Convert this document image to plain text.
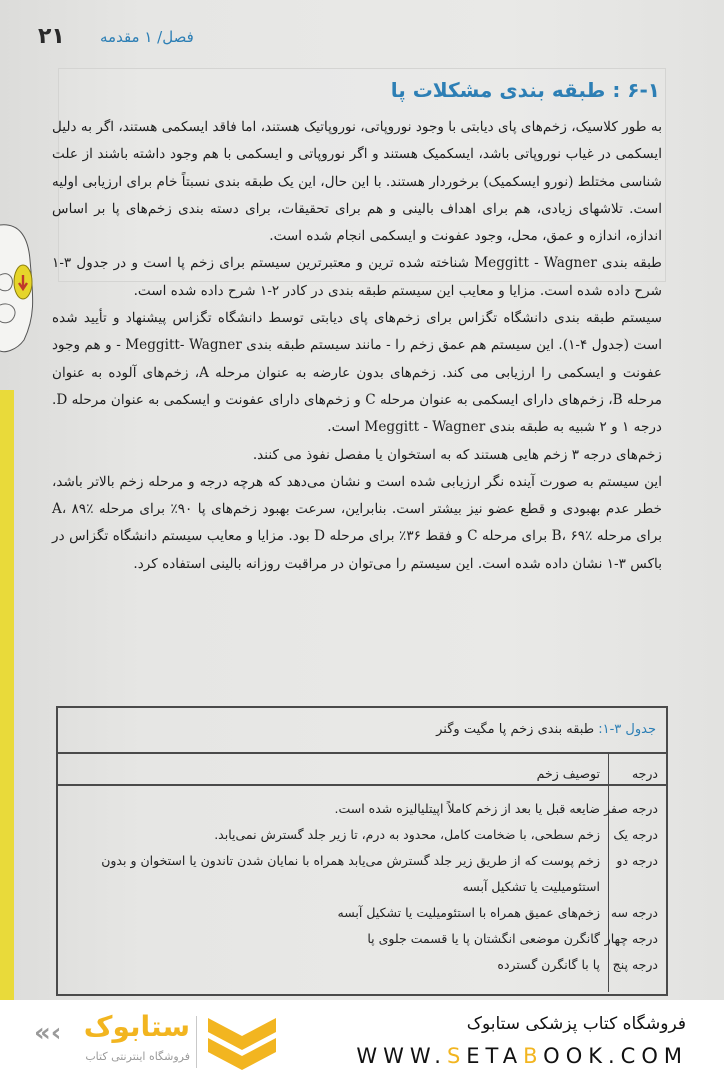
۲۱ فصل/ ۱ مقدمه
۶-۱ : طبقه بندی مشکلات پا

به طور کلاسیک، زخم‌های پای دیابتی با وجود نوروپاتی، نوروپاتیک هستند، اما فاقد ایسکمی هستند، اگر به دلیل ایسکمی در غیاب نوروپاتی باشد، ایسکمیک هستند و اگر نوروپاتی و ایسکمی با هم وجود داشته باشند از علت شناسی مختلط (نورو ایسکمیک) برخوردار هستند. با این حال، این یک طبقه بندی نسبتاً خام برای ارزیابی اولیه است. تلاشهای زیادی، هم برای اهداف بالینی و هم برای تحقیقات، برای دسته بندی زخم‌های پا بر اساس اندازه، اندازه و عمق، محل، وجود عفونت و ایسکمی انجام شده است.

طبقه بندی Meggitt - Wagner شناخته شده ترین و معتبرترین سیستم برای زخم پا است و در جدول ۳-۱ شرح داده شده است. مزایا و معایب این سیستم طبقه بندی در کادر ۲-۱ شرح داده شده است.

سیستم طبقه بندی دانشگاه تگزاس برای زخم‌های پای دیابتی توسط دانشگاه تگزاس پیشنهاد و تأیید شده است (جدول ۴-۱). این سیستم هم عمق زخم را - مانند سیستم طبقه بندی Meggitt- Wagner - و هم وجود عفونت و ایسکمی را ارزیابی می کند. زخم‌های بدون عارضه به عنوان مرحله A، زخم‌های آلوده به عنوان مرحله B، زخم‌های دارای ایسکمی به عنوان مرحله C و زخم‌های دارای عفونت و ایسکمی به عنوان مرحله D. درجه ۱ و ۲ شبیه به طبقه بندی Meggitt - Wagner است.

زخم‌های درجه ۳ زخم هایی هستند که به استخوان یا مفصل نفوذ می کنند.

این سیستم به صورت آینده نگر ارزیابی شده است و نشان می‌دهد که هرچه درجه و مرحله زخم بالاتر باشد، خطر عدم بهبودی و قطع عضو نیز بیشتر است. بنابراین، سرعت بهبود زخم‌های پا ۹۰٪ برای مرحله A، ۸۹٪ برای مرحله B، ۶۹٪ برای مرحله C و فقط ۳۶٪ برای مرحله D بود. مزایا و معایب سیستم دانشگاه تگزاس در باکس ۳-۱ نشان داده شده است. این سیستم را می‌توان در مراقبت روزانه بالینی استفاده کرد.

جدول ۳-۱: طبقه بندی زخم پا مگیت وگنر
درجه
توصیف زخم
درجه صفر
درجه یک
درجه دو
درجه سه
درجه چهار
درجه پنج
ضایعه قبل یا بعد از زخم کاملاً اپیتلیالیزه شده است.
زخم سطحی، با ضخامت کامل، محدود به درم، تا زیر جلد گسترش نمی‌یابد.
زخم پوست که از طریق زیر جلد گسترش می‌یابد همراه با نمایان شدن تاندون یا استخوان و بدون
استئومیلیت یا تشکیل آبسه
زخم‌های عمیق همراه با استئومیلیت یا تشکیل آبسه
گانگرن موضعی انگشتان پا یا قسمت جلوی پا
پا با گانگرن گسترده
ستابوک
«‹
فروشگاه اینترنتی کتاب
فروشگاه کتاب پزشکی ستابوک
WWW.SETABOOK.COM
